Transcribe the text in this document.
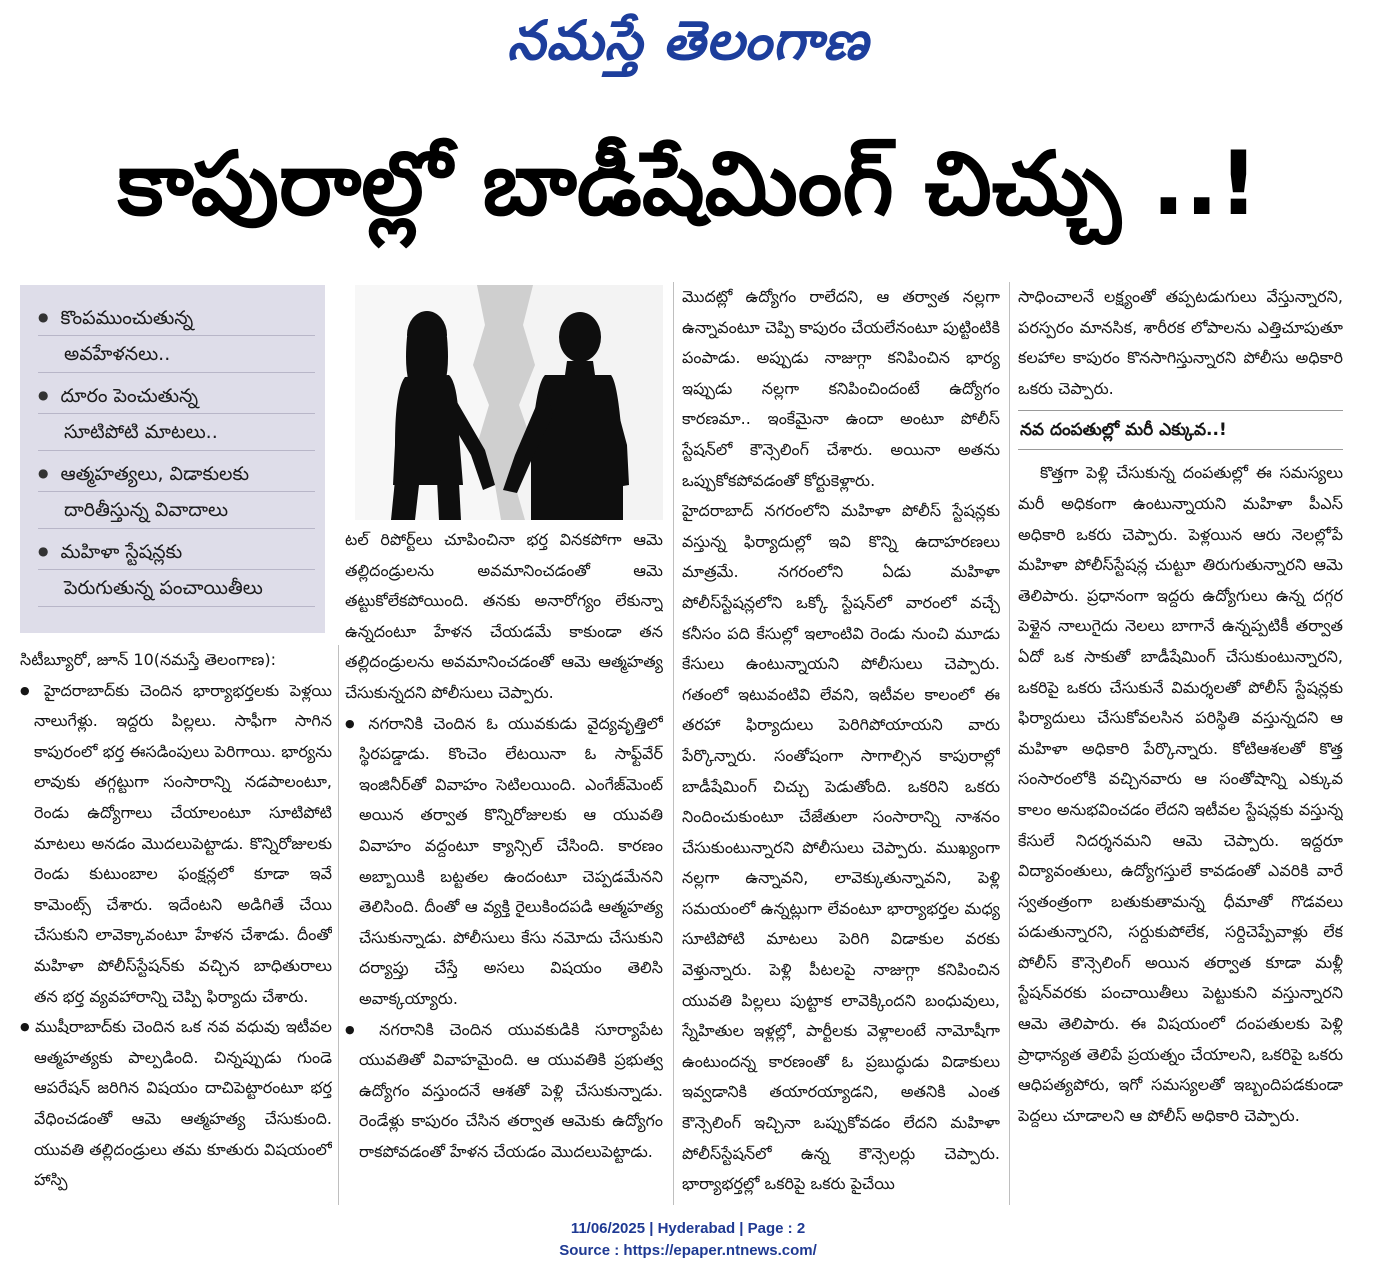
నమస్తే తెలంగాణ
కాపురాల్లో బాడీషేమింగ్ చిచ్చు ..!
● కొంపముంచుతున్న
అవహేళనలు..
● దూరం పెంచుతున్న
సూటిపోటి మాటలు..
● ఆత్మహత్యలు, విడాకులకు
దారితీస్తున్న వివాదాలు
● మహిళా స్టేషన్లకు
పెరుగుతున్న పంచాయితీలు

సిటీబ్యూరో, జూన్ 10(నమస్తే తెలంగాణ):

● హైదరాబాద్‌కు చెందిన భార్యాభర్తలకు పెళ్లయి నాలుగేళ్లు. ఇద్దరు పిల్లలు. సాఫీగా సాగిన కాపురంలో భర్త ఈసడింపులు పెరిగాయి. భార్యను లావుకు తగ్గట్టుగా సంసారాన్ని నడపాలంటూ, రెండు ఉద్యోగాలు చేయాలంటూ సూటిపోటి మాటలు అనడం మొదలుపెట్టాడు. కొన్నిరోజులకు రెండు కుటుంబాల ఫంక్షన్లలో కూడా ఇవే కామెంట్స్ చేశారు. ఇదేంటని అడిగితే చేయి చేసుకుని లావెక్కావంటూ హేళన చేశాడు. దీంతో మహిళా పోలీస్‌స్టేషన్‌కు వచ్చిన బాధితురాలు తన భర్త వ్యవహారాన్ని చెప్పి ఫిర్యాదు చేశారు.

● ముషీరాబాద్‌కు చెందిన ఒక నవ వధువు ఇటీవల ఆత్మహత్యకు పాల్పడింది. చిన్నప్పుడు గుండె ఆపరేషన్ జరిగిన విషయం దాచిపెట్టారంటూ భర్త వేధించడంతో ఆమె ఆత్మహత్య చేసుకుంది. యువతి తల్లిదండ్రులు తమ కూతురు విషయంలో హాస్పి

టల్ రిపోర్ట్‌లు చూపించినా భర్త వినకపోగా ఆమె తల్లిదండ్రులను అవమానించడంతో ఆమె తట్టుకోలేకపోయింది. తనకు అనారోగ్యం లేకున్నా ఉన్నదంటూ హేళన చేయడమే కాకుండా తన తల్లిదండ్రులను అవమానించడంతో ఆమె ఆత్మహత్య చేసుకున్నదని పోలీసులు చెప్పారు.

● నగరానికి చెందిన ఓ యువకుడు వైద్యవృత్తిలో స్థిరపడ్డాడు. కొంచెం లేటయినా ఓ సాఫ్ట్‌వేర్ ఇంజినీర్‌తో వివాహం సెటిలయింది. ఎంగేజ్‌మెంట్ అయిన తర్వాత కొన్నిరోజులకు ఆ యువతి వివాహం వద్దంటూ క్యాన్సిల్ చేసింది. కారణం అబ్బాయికి బట్టతల ఉందంటూ చెప్పడమేనని తెలిసింది. దీంతో ఆ వ్యక్తి రైలుకిందపడి ఆత్మహత్య చేసుకున్నాడు. పోలీసులు కేసు నమోదు చేసుకుని దర్యాప్తు చేస్తే అసలు విషయం తెలిసి అవాక్కయ్యారు.

● నగరానికి చెందిన యువకుడికి సూర్యాపేట యువతితో వివాహమైంది. ఆ యువతికి ప్రభుత్వ ఉద్యోగం వస్తుందనే ఆశతో పెళ్లి చేసుకున్నాడు. రెండేళ్లు కాపురం చేసిన తర్వాత ఆమెకు ఉద్యోగం రాకపోవడంతో హేళన చేయడం మొదలుపెట్టాడు.

మొదట్లో ఉద్యోగం రాలేదని, ఆ తర్వాత నల్లగా ఉన్నావంటూ చెప్పి కాపురం చేయలేనంటూ పుట్టింటికి పంపాడు. అప్పుడు నాజుగ్గా కనిపించిన భార్య ఇప్పుడు నల్లగా కనిపించిందంటే ఉద్యోగం కారణమా.. ఇంకేమైనా ఉందా అంటూ పోలీస్ స్టేషన్‌లో కౌన్సెలింగ్ చేశారు. అయినా అతను ఒప్పుకోకపోవడంతో కోర్టుకెళ్లారు.

హైదరాబాద్ నగరంలోని మహిళా పోలీస్ స్టేషన్లకు వస్తున్న ఫిర్యాదుల్లో ఇవి కొన్ని ఉదాహరణలు మాత్రమే. నగరంలోని ఏడు మహిళా పోలీస్‌స్టేషన్లలోని ఒక్కో స్టేషన్‌లో వారంలో వచ్చే కనీసం పది కేసుల్లో ఇలాంటివి రెండు నుంచి మూడు కేసులు ఉంటున్నాయని పోలీసులు చెప్పారు. గతంలో ఇటువంటివి లేవని, ఇటీవల కాలంలో ఈ తరహా ఫిర్యాదులు పెరిగిపోయాయని వారు పేర్కొన్నారు. సంతోషంగా సాగాల్సిన కాపురాల్లో బాడీషేమింగ్ చిచ్చు పెడుతోంది. ఒకరిని ఒకరు నిందించుకుంటూ చేజేతులా సంసారాన్ని నాశనం చేసుకుంటున్నారని పోలీసులు చెప్పారు. ముఖ్యంగా నల్లగా ఉన్నావని, లావెక్కుతున్నావని, పెళ్లి సమయంలో ఉన్నట్లుగా లేవంటూ భార్యాభర్తల మధ్య సూటిపోటి మాటలు పెరిగి విడాకుల వరకు వెళ్తున్నారు. పెళ్లి పీటలపై నాజుగ్గా కనిపించిన యువతి పిల్లలు పుట్టాక లావెక్కిందని బంధువులు, స్నేహితుల ఇళ్లల్లో, పార్టీలకు వెళ్లాలంటే నామోషీగా ఉంటుందన్న కారణంతో ఓ ప్రబుద్ధుడు విడాకులు ఇవ్వడానికి తయారయ్యాడని, అతనికి ఎంత కౌన్సెలింగ్ ఇచ్చినా ఒప్పుకోవడం లేదని మహిళా పోలీస్‌స్టేషన్‌లో ఉన్న కౌన్సెలర్లు చెప్పారు. భార్యాభర్తల్లో ఒకరిపై ఒకరు పైచేయి

సాధించాలనే లక్ష్యంతో తప్పటడుగులు వేస్తున్నారని, పరస్పరం మానసిక, శారీరక లోపాలను ఎత్తిచూపుతూ కలహాల కాపురం కొనసాగిస్తున్నారని పోలీసు అధికారి ఒకరు చెప్పారు.

నవ దంపతుల్లో మరీ ఎక్కువ..!

కొత్తగా పెళ్లి చేసుకున్న దంపతుల్లో ఈ సమస్యలు మరీ అధికంగా ఉంటున్నాయని మహిళా పీఎస్ అధికారి ఒకరు చెప్పారు. పెళ్లయిన ఆరు నెలల్లోపే మహిళా పోలీస్‌స్టేషన్ల చుట్టూ తిరుగుతున్నారని ఆమె తెలిపారు. ప్రధానంగా ఇద్దరు ఉద్యోగులు ఉన్న దగ్గర పెళ్లైన నాలుగైదు నెలలు బాగానే ఉన్నప్పటికీ తర్వాత ఏదో ఒక సాకుతో బాడీషేమింగ్ చేసుకుంటున్నారని, ఒకరిపై ఒకరు చేసుకునే విమర్శలతో పోలీస్ స్టేషన్లకు ఫిర్యాదులు చేసుకోవలసిన పరిస్థితి వస్తున్నదని ఆ మహిళా అధికారి పేర్కొన్నారు. కోటిఆశలతో కొత్త సంసారంలోకి వచ్చినవారు ఆ సంతోషాన్ని ఎక్కువ కాలం అనుభవించడం లేదని ఇటీవల స్టేషన్లకు వస్తున్న కేసులే నిదర్శనమని ఆమె చెప్పారు. ఇద్దరూ విద్యావంతులు, ఉద్యోగస్తులే కావడంతో ఎవరికి వారే స్వతంత్రంగా బతుకుతామన్న ధీమాతో గొడవలు పడుతున్నారని, సర్దుకుపోలేక, సర్దిచెప్పేవాళ్లు లేక పోలీస్ కౌన్సెలింగ్ అయిన తర్వాత కూడా మళ్లీ స్టేషన్‌వరకు పంచాయితీలు పెట్టుకుని వస్తున్నారని ఆమె తెలిపారు. ఈ విషయంలో దంపతులకు పెళ్లి ప్రాధాన్యత తెలిపే ప్రయత్నం చేయాలని, ఒకరిపై ఒకరు ఆధిపత్యపోరు, ఇగో సమస్యలతో ఇబ్బందిపడకుండా పెద్దలు చూడాలని ఆ పోలీస్ అధికారి చెప్పారు.

11/06/2025 | Hyderabad | Page : 2
Source : https://epaper.ntnews.com/
